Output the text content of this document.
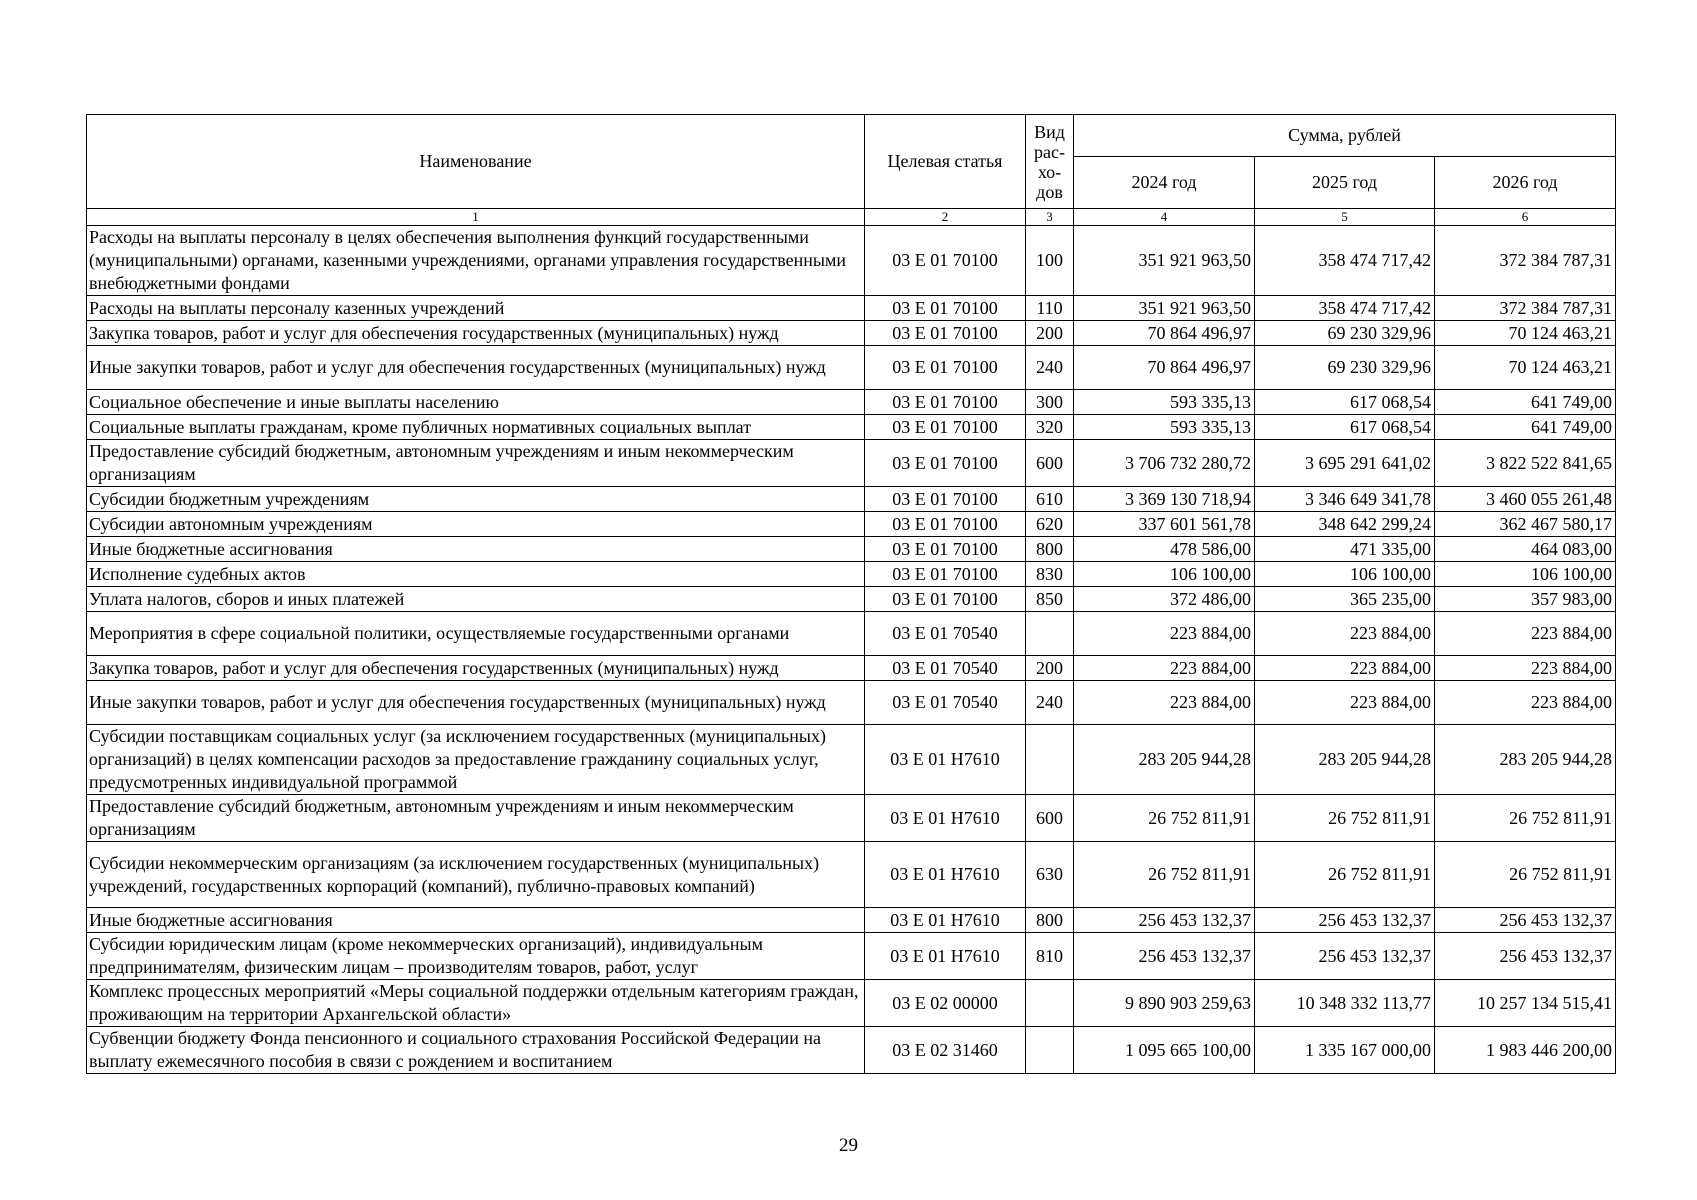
Наименование	Целевая статья	Вид рас-хо-дов	Сумма, рублей		
			2024 год	2025 год	2026 год
1	2	3	4	5	6
Расходы на выплаты персоналу в целях обеспечения выполнения функций государственными (муниципальными) органами, казенными учреждениями, органами управления государственными внебюджетными фондами	03 Е 01 70100	100	351 921 963,50	358 474 717,42	372 384 787,31
Расходы на выплаты персоналу казенных учреждений	03 Е 01 70100	110	351 921 963,50	358 474 717,42	372 384 787,31
Закупка товаров, работ и услуг для обеспечения государственных (муниципальных) нужд	03 Е 01 70100	200	70 864 496,97	69 230 329,96	70 124 463,21
Иные закупки товаров, работ и услуг для обеспечения государственных (муниципальных) нужд	03 Е 01 70100	240	70 864 496,97	69 230 329,96	70 124 463,21
Социальное обеспечение и иные выплаты населению	03 Е 01 70100	300	593 335,13	617 068,54	641 749,00
Социальные выплаты гражданам, кроме публичных нормативных социальных выплат	03 Е 01 70100	320	593 335,13	617 068,54	641 749,00
Предоставление субсидий бюджетным, автономным учреждениям и иным некоммерческим организациям	03 Е 01 70100	600	3 706 732 280,72	3 695 291 641,02	3 822 522 841,65
Субсидии бюджетным учреждениям	03 Е 01 70100	610	3 369 130 718,94	3 346 649 341,78	3 460 055 261,48
Субсидии автономным учреждениям	03 Е 01 70100	620	337 601 561,78	348 642 299,24	362 467 580,17
Иные бюджетные ассигнования	03 Е 01 70100	800	478 586,00	471 335,00	464 083,00
Исполнение судебных актов	03 Е 01 70100	830	106 100,00	106 100,00	106 100,00
Уплата налогов, сборов и иных платежей	03 Е 01 70100	850	372 486,00	365 235,00	357 983,00
Мероприятия в сфере социальной политики, осуществляемые государственными органами	03 Е 01 70540		223 884,00	223 884,00	223 884,00
Закупка товаров, работ и услуг для обеспечения государственных (муниципальных) нужд	03 Е 01 70540	200	223 884,00	223 884,00	223 884,00
Иные закупки товаров, работ и услуг для обеспечения государственных (муниципальных) нужд	03 Е 01 70540	240	223 884,00	223 884,00	223 884,00
Субсидии поставщикам социальных услуг (за исключением государственных (муниципальных) организаций) в целях компенсации расходов за предоставление гражданину социальных услуг, предусмотренных индивидуальной программой	03 Е 01 Н7610		283 205 944,28	283 205 944,28	283 205 944,28
Предоставление субсидий бюджетным, автономным учреждениям и иным некоммерческим организациям	03 Е 01 Н7610	600	26 752 811,91	26 752 811,91	26 752 811,91
Субсидии некоммерческим организациям (за исключением государственных (муниципальных) учреждений, государственных корпораций (компаний), публично-правовых компаний)	03 Е 01 Н7610	630	26 752 811,91	26 752 811,91	26 752 811,91
Иные бюджетные ассигнования	03 Е 01 Н7610	800	256 453 132,37	256 453 132,37	256 453 132,37
Субсидии юридическим лицам (кроме некоммерческих организаций), индивидуальным предпринимателям, физическим лицам – производителям товаров, работ, услуг	03 Е 01 Н7610	810	256 453 132,37	256 453 132,37	256 453 132,37
Комплекс процессных мероприятий «Меры социальной поддержки отдельным категориям граждан, проживающим на территории Архангельской области»	03 Е 02 00000		9 890 903 259,63	10 348 332 113,77	10 257 134 515,41
Субвенции бюджету Фонда пенсионного и социального страхования Российской Федерации на выплату ежемесячного пособия в связи с рождением и воспитанием	03 Е 02 31460		1 095 665 100,00	1 335 167 000,00	1 983 446 200,00
29
